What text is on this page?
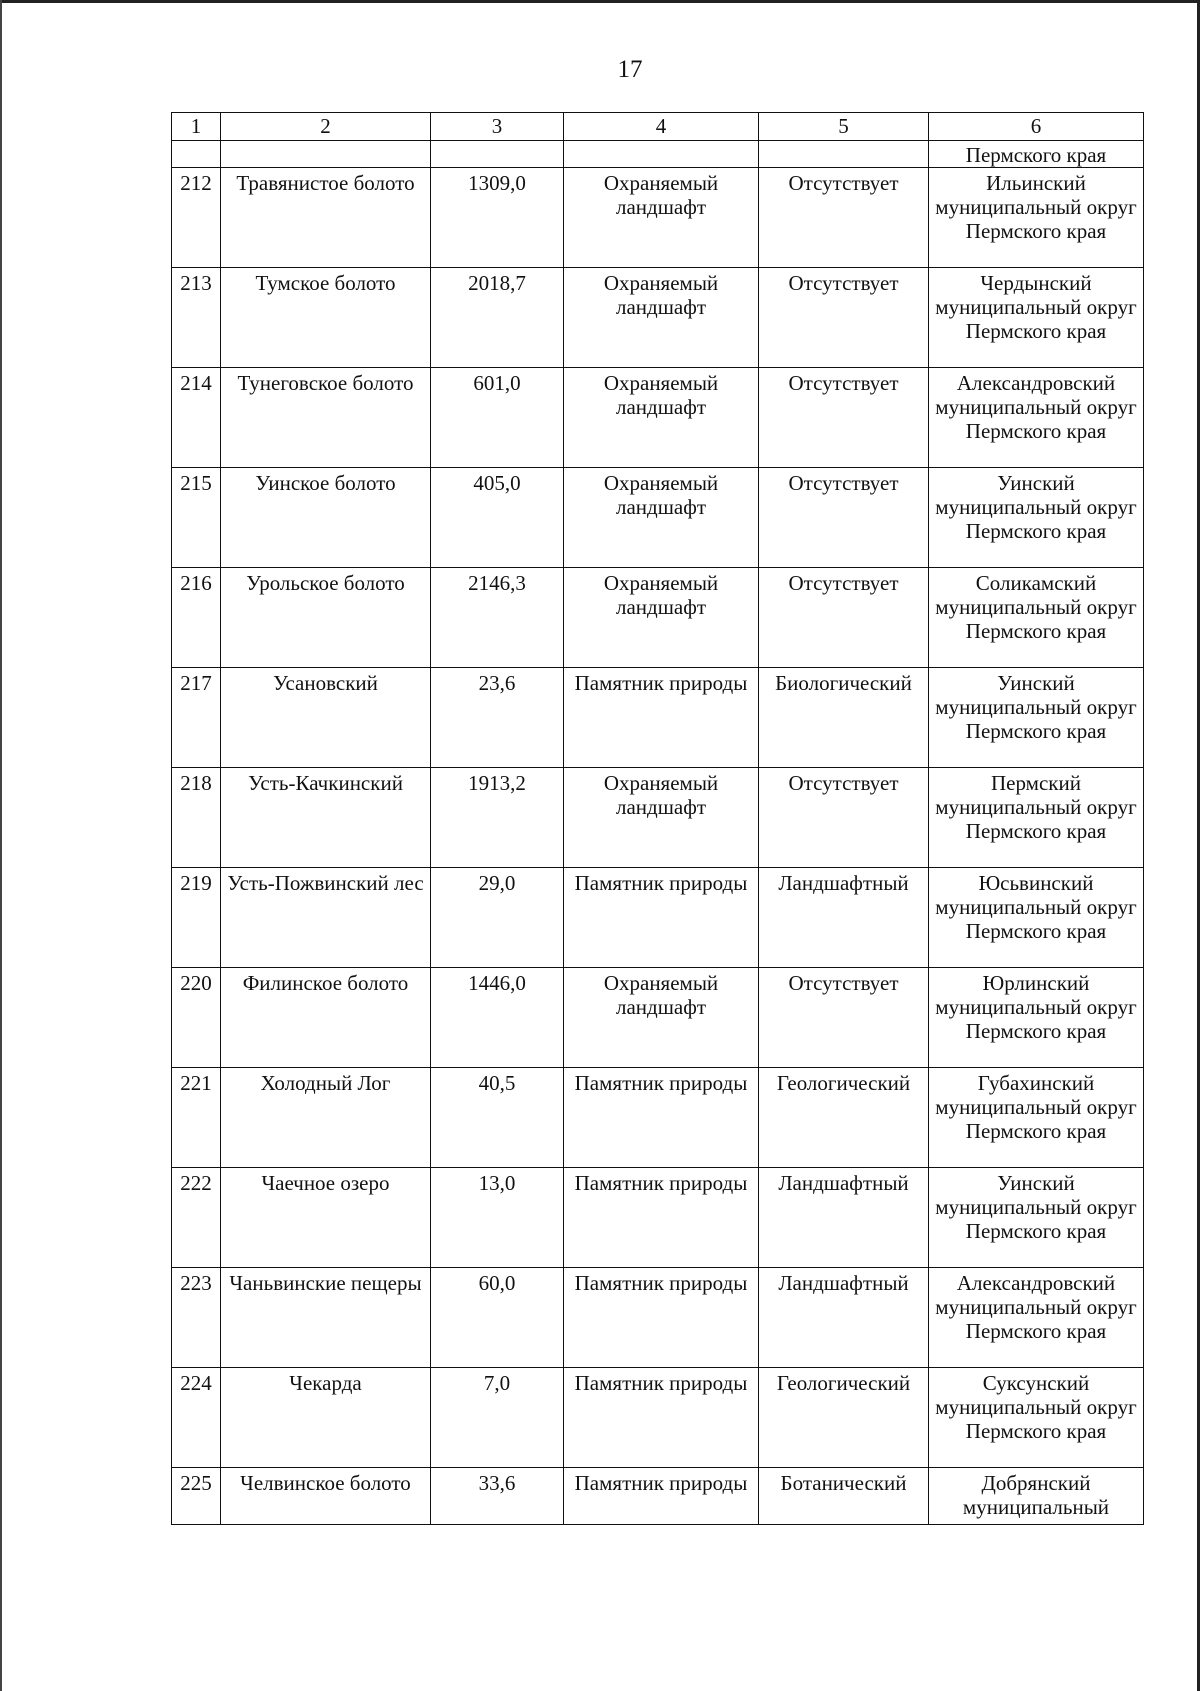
17
1	2	3	4	5	6
					Пермского края
212	Травянистое болото	1309,0	Охраняемый ландшафт	Отсутствует	Ильинский муниципальный округ Пермского края
213	Тумское болото	2018,7	Охраняемый ландшафт	Отсутствует	Чердынский муниципальный округ Пермского края
214	Тунеговское болото	601,0	Охраняемый ландшафт	Отсутствует	Александровский муниципальный округ Пермского края
215	Уинское болото	405,0	Охраняемый ландшафт	Отсутствует	Уинский муниципальный округ Пермского края
216	Урольское болото	2146,3	Охраняемый ландшафт	Отсутствует	Соликамский муниципальный округ Пермского края
217	Усановский	23,6	Памятник природы	Биологический	Уинский муниципальный округ Пермского края
218	Усть-Качкинский	1913,2	Охраняемый ландшафт	Отсутствует	Пермский муниципальный округ Пермского края
219	Усть-Пожвинский лес	29,0	Памятник природы	Ландшафтный	Юсьвинский муниципальный округ Пермского края
220	Филинское болото	1446,0	Охраняемый ландшафт	Отсутствует	Юрлинский муниципальный округ Пермского края
221	Холодный Лог	40,5	Памятник природы	Геологический	Губахинский муниципальный округ Пермского края
222	Чаечное озеро	13,0	Памятник природы	Ландшафтный	Уинский муниципальный округ Пермского края
223	Чаньвинские пещеры	60,0	Памятник природы	Ландшафтный	Александровский муниципальный округ Пермского края
224	Чекарда	7,0	Памятник природы	Геологический	Суксунский муниципальный округ Пермского края
225	Челвинское болото	33,6	Памятник природы	Ботанический	Добрянский муниципальный
